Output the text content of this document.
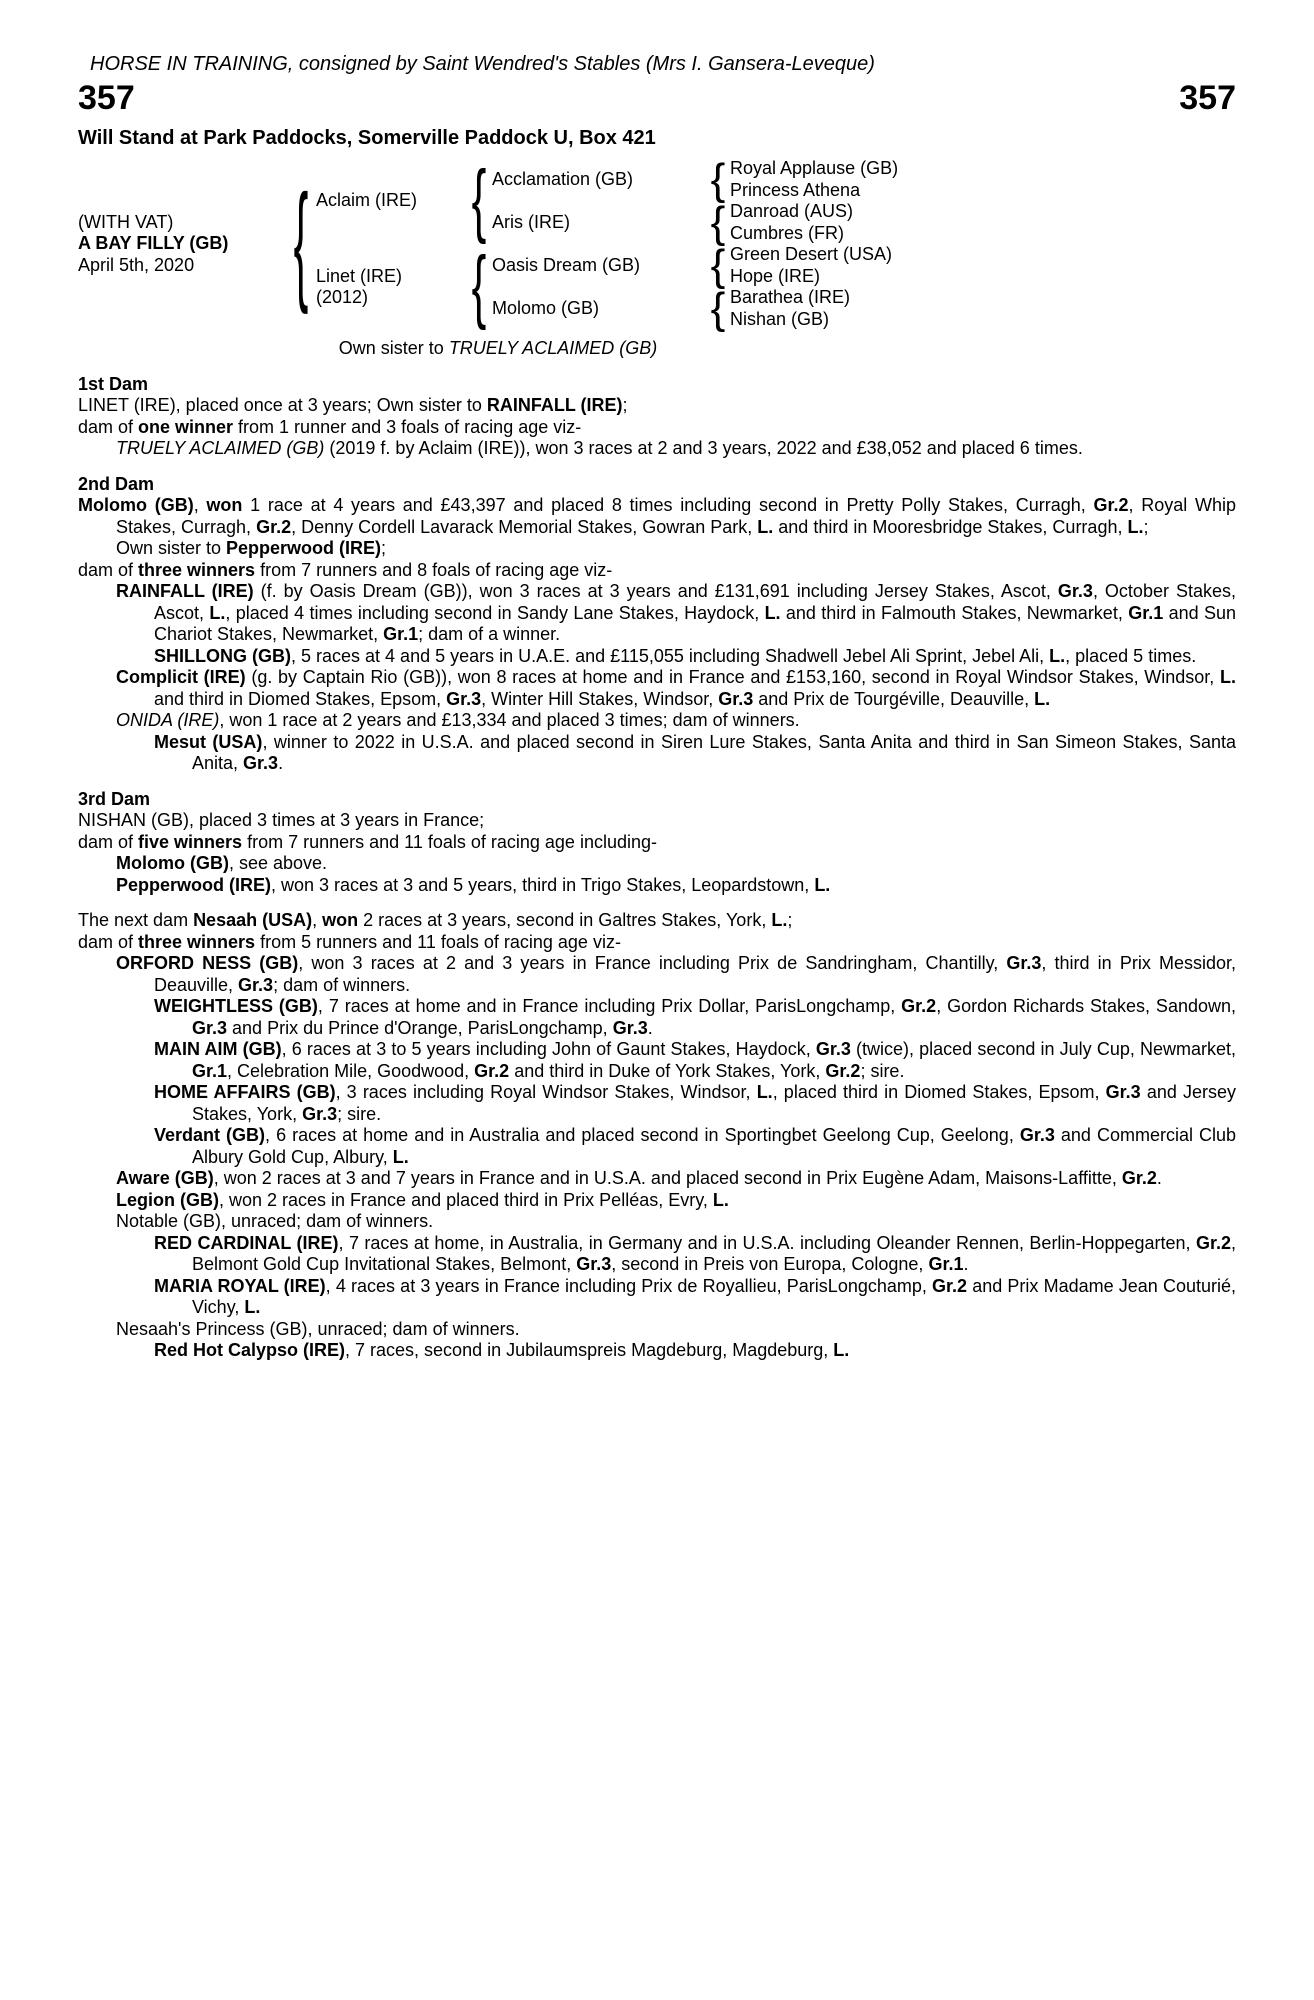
HORSE IN TRAINING, consigned by Saint Wendred's Stables (Mrs I. Gansera-Leveque)
357	357
Will Stand at Park Paddocks, Somerville Paddock U, Box 421
(WITH VAT)
A BAY FILLY (GB)
April 5th, 2020 { Aclaim (IRE)
Linet (IRE)
(2012)
{
{
Acclamation (GB)
Aris (IRE)
Oasis Dream (GB)
Molomo (GB)
{
{
{
{
Royal Applause (GB)
Princess Athena
Danroad (AUS)
Cumbres (FR)
Green Desert (USA)
Hope (IRE)
Barathea (IRE)
Nishan (GB)
Own sister to TRUELY ACLAIMED (GB)
1st Dam

LINET (IRE), placed once at 3 years; Own sister to RAINFALL (IRE);

dam of one winner from 1 runner and 3 foals of racing age viz-

TRUELY ACLAIMED (GB) (2019 f. by Aclaim (IRE)), won 3 races at 2 and 3 years, 2022 and £38,052 and placed 6 times.

2nd Dam

Molomo (GB), won 1 race at 4 years and £43,397 and placed 8 times including second in Pretty Polly Stakes, Curragh, Gr.2, Royal Whip Stakes, Curragh, Gr.2, Denny Cordell Lavarack Memorial Stakes, Gowran Park, L. and third in Mooresbridge Stakes, Curragh, L.;

Own sister to Pepperwood (IRE);

dam of three winners from 7 runners and 8 foals of racing age viz-

RAINFALL (IRE) (f. by Oasis Dream (GB)), won 3 races at 3 years and £131,691 including Jersey Stakes, Ascot, Gr.3, October Stakes, Ascot, L., placed 4 times including second in Sandy Lane Stakes, Haydock, L. and third in Falmouth Stakes, Newmarket, Gr.1 and Sun Chariot Stakes, Newmarket, Gr.1; dam of a winner.

SHILLONG (GB), 5 races at 4 and 5 years in U.A.E. and £115,055 including Shadwell Jebel Ali Sprint, Jebel Ali, L., placed 5 times.

Complicit (IRE) (g. by Captain Rio (GB)), won 8 races at home and in France and £153,160, second in Royal Windsor Stakes, Windsor, L. and third in Diomed Stakes, Epsom, Gr.3, Winter Hill Stakes, Windsor, Gr.3 and Prix de Tourgéville, Deauville, L.

ONIDA (IRE), won 1 race at 2 years and £13,334 and placed 3 times; dam of winners.

Mesut (USA), winner to 2022 in U.S.A. and placed second in Siren Lure Stakes, Santa Anita and third in San Simeon Stakes, Santa Anita, Gr.3.

3rd Dam

NISHAN (GB), placed 3 times at 3 years in France;

dam of five winners from 7 runners and 11 foals of racing age including-

Molomo (GB), see above.

Pepperwood (IRE), won 3 races at 3 and 5 years, third in Trigo Stakes, Leopardstown, L.

The next dam Nesaah (USA), won 2 races at 3 years, second in Galtres Stakes, York, L.;

dam of three winners from 5 runners and 11 foals of racing age viz-

ORFORD NESS (GB), won 3 races at 2 and 3 years in France including Prix de Sandringham, Chantilly, Gr.3, third in Prix Messidor, Deauville, Gr.3; dam of winners.

WEIGHTLESS (GB), 7 races at home and in France including Prix Dollar, ParisLongchamp, Gr.2, Gordon Richards Stakes, Sandown, Gr.3 and Prix du Prince d'Orange, ParisLongchamp, Gr.3.

MAIN AIM (GB), 6 races at 3 to 5 years including John of Gaunt Stakes, Haydock, Gr.3 (twice), placed second in July Cup, Newmarket, Gr.1, Celebration Mile, Goodwood, Gr.2 and third in Duke of York Stakes, York, Gr.2; sire.

HOME AFFAIRS (GB), 3 races including Royal Windsor Stakes, Windsor, L., placed third in Diomed Stakes, Epsom, Gr.3 and Jersey Stakes, York, Gr.3; sire.

Verdant (GB), 6 races at home and in Australia and placed second in Sportingbet Geelong Cup, Geelong, Gr.3 and Commercial Club Albury Gold Cup, Albury, L.

Aware (GB), won 2 races at 3 and 7 years in France and in U.S.A. and placed second in Prix Eugène Adam, Maisons-Laffitte, Gr.2.

Legion (GB), won 2 races in France and placed third in Prix Pelléas, Evry, L.

Notable (GB), unraced; dam of winners.

RED CARDINAL (IRE), 7 races at home, in Australia, in Germany and in U.S.A. including Oleander Rennen, Berlin-Hoppegarten, Gr.2, Belmont Gold Cup Invitational Stakes, Belmont, Gr.3, second in Preis von Europa, Cologne, Gr.1.

MARIA ROYAL (IRE), 4 races at 3 years in France including Prix de Royallieu, ParisLongchamp, Gr.2 and Prix Madame Jean Couturié, Vichy, L.

Nesaah's Princess (GB), unraced; dam of winners.

Red Hot Calypso (IRE), 7 races, second in Jubilaumspreis Magdeburg, Magdeburg, L.
